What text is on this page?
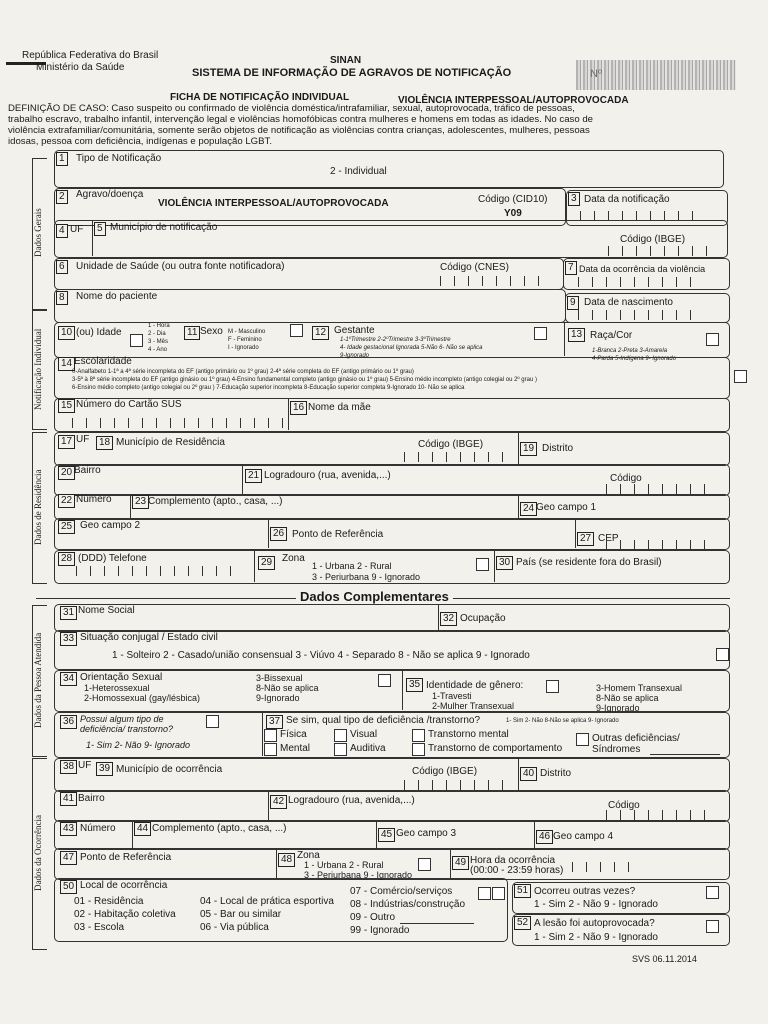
República Federativa do Brasil
Ministério da Saúde
SINAN
SISTEMA DE INFORMAÇÃO DE AGRAVOS DE NOTIFICAÇÃO	Nº
FICHA DE NOTIFICAÇÃO INDIVIDUAL	VIOLÊNCIA INTERPESSOAL/AUTOPROVOCADA
DEFINIÇÃO DE CASO: Caso suspeito ou confirmado de violência doméstica/intrafamiliar, sexual, autoprovocada, tráfico de pessoas,
trabalho escravo, trabalho infantil, intervenção legal e violências homofóbicas contra mulheres e homens em todas as idades. No caso de
violência extrafamiliar/comunitária, somente serão objetos de notificação as violências contra crianças, adolescentes, mulheres, pessoas
idosas, pessoa com deficiência, indígenas e população LGBT.
Dados Gerais
Notificação Individual
Dados de Residência
Dados da Pessoa Atendida
Dados da Ocorrência
1	Tipo de Notificação
2 - Individual
2	Agravo/doença
VIOLÊNCIA INTERPESSOAL/AUTOPROVOCADA	Código (CID10)
Y09
3 Data da notificação
4 UF	5 Município de notificação
Código (IBGE)
6	Unidade de Saúde (ou outra fonte notificadora)	Código (CNES)	7 Data da ocorrência da violência
8	Nome do paciente
9 Data de nascimento
10 (ou) Idade
1 - Hora
2 - Dia
3 - Mês
4 - Ano
11 Sexo M - Masculino
F - Feminino
I - Ignorado
12 Gestante
1-1ºTrimestre 2-2ºTrimestre 3-3ºTrimestre
4- Idade gestacional Ignorada 5-Não 6- Não se aplica
9-Ignorado
13 Raça/Cor
1-Branca 2-Preta 3-Amarela
4-Parda 5-Indígena 9- Ignorado
14 Escolaridade
0-Analfabeto 1-1ª a 4ª série incompleta do EF (antigo primário ou 1º grau) 2-4ª série completa do EF (antigo primário ou 1º grau)
3-5ª à 8ª série incompleta do EF (antigo ginásio ou 1º grau) 4-Ensino fundamental completo (antigo ginásio ou 1º grau) 5-Ensino médio incompleto (antigo colegial ou 2º grau )
6-Ensino médio completo (antigo colegial ou 2º grau ) 7-Educação superior incompleta 8-Educação superior completa 9-Ignorado 10- Não se aplica
15 Número do Cartão SUS	16 Nome da mãe
17 UF 18 Município de Residência	Código (IBGE)	19 Distrito
20 Bairro	21 Logradouro (rua, avenida,...)	Código
22 Número	23 Complemento (apto., casa, ...)
24 Geo campo 1
25 Geo campo 2
26 Ponto de Referência	27 CEP
28 (DDD) Telefone	29 Zona
1 - Urbana 2 - Rural
3 - Periurbana 9 - Ignorado
30 País (se residente fora do Brasil)
Dados Complementares
31 Nome Social
32 Ocupação
33 Situação conjugal / Estado civil
1 - Solteiro 2 - Casado/união consensual 3 - Viúvo 4 - Separado 8 - Não se aplica 9 - Ignorado
34 Orientação Sexual
1-Heterossexual
2-Homossexual (gay/lésbica)
3-Bissexual
8-Não se aplica
9-Ignorado
35 Identidade de gênero:
1-Travesti
2-Mulher Transexual
3-Homem Transexual
8-Não se aplica
9-Ignorado
36 Possui algum tipo de
deficiência/ transtorno?
1- Sim 2- Não 9- Ignorado
37 Se sim, qual tipo de deficiência /transtorno?	1- Sim 2- Não 8-Não se aplica 9- Ignorado
Física	Visual	Transtorno mental
Mental	Auditiva	Transtorno de comportamento
Outras deficiências/
Síndromes
38 UF 39 Município de ocorrência	Código (IBGE)	40 Distrito
41 Bairro	42 Logradouro (rua, avenida,...)	Código
43 Número	44 Complemento (apto., casa, ...)
45 Geo campo 3	46 Geo campo 4
47 Ponto de Referência	48 Zona
1 - Urbana 2 - Rural
3 - Periurbana 9 - Ignorado
49 Hora da ocorrência
(00:00 - 23:59 horas)
50 Local de ocorrência
01 - Residência
02 - Habitação coletiva
03 - Escola
04 - Local de prática esportiva
05 - Bar ou similar
06 - Via pública
07 - Comércio/serviços
08 - Indústrias/construção
09 - Outro
99 - Ignorado
51 Ocorreu outras vezes?
1 - Sim 2 - Não 9 - Ignorado
52 A lesão foi autoprovocada?
1 - Sim 2 - Não 9 - Ignorado
SVS 06.11.2014
